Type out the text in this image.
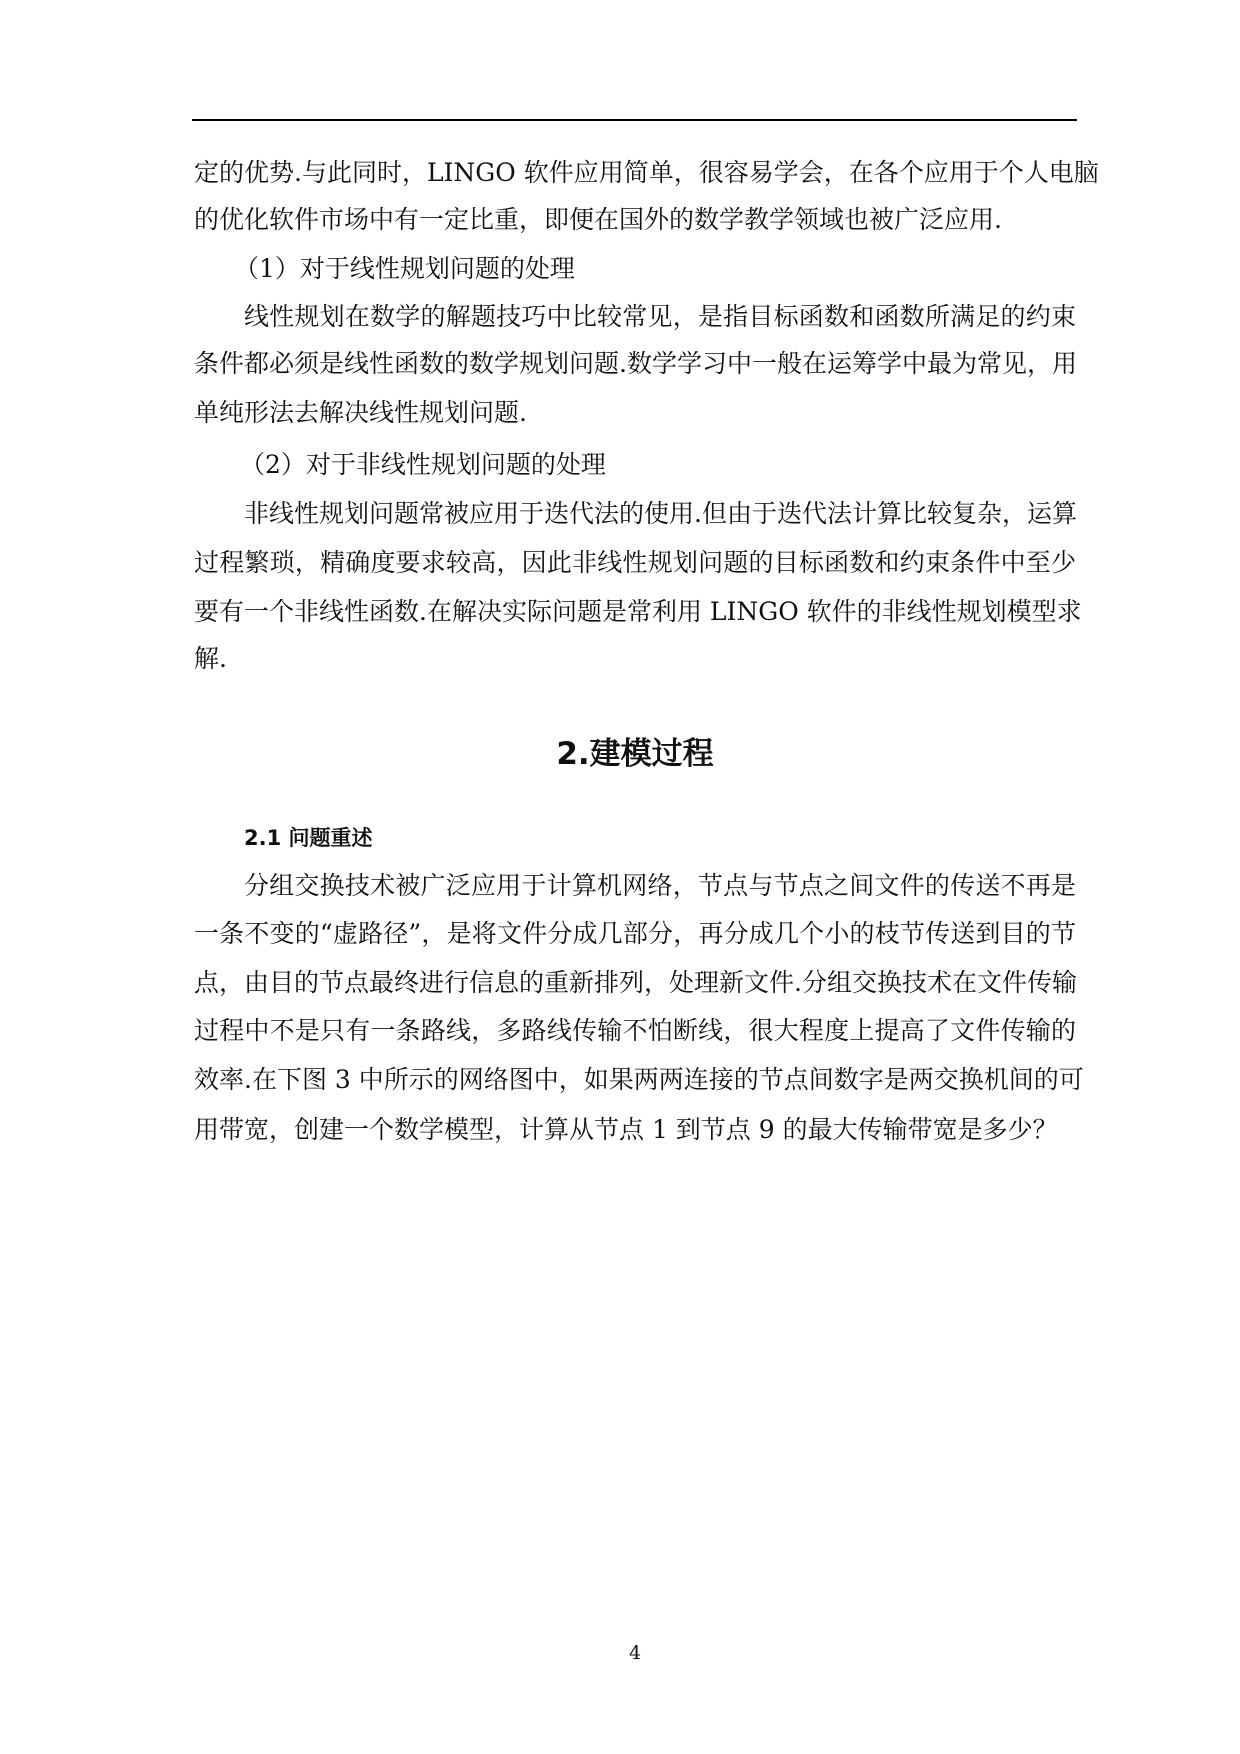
定的优势.与此同时，LINGO 软件应用简单，很容易学会，在各个应用于个人电脑
的优化软件市场中有一定比重，即便在国外的数学教学领域也被广泛应用.
（1）对于线性规划问题的处理
线性规划在数学的解题技巧中比较常见，是指目标函数和函数所满足的约束
条件都必须是线性函数的数学规划问题.数学学习中一般在运筹学中最为常见，用
单纯形法去解决线性规划问题.
（2）对于非线性规划问题的处理
非线性规划问题常被应用于迭代法的使用.但由于迭代法计算比较复杂，运算
过程繁琐，精确度要求较高，因此非线性规划问题的目标函数和约束条件中至少
要有一个非线性函数.在解决实际问题是常利用 LINGO 软件的非线性规划模型求
解.
2.建模过程
2.1 问题重述
分组交换技术被广泛应用于计算机网络，节点与节点之间文件的传送不再是
一条不变的“虚路径”，是将文件分成几部分，再分成几个小的枝节传送到目的节
点，由目的节点最终进行信息的重新排列，处理新文件.分组交换技术在文件传输
过程中不是只有一条路线，多路线传输不怕断线，很大程度上提高了文件传输的
效率.在下图 3 中所示的网络图中，如果两两连接的节点间数字是两交换机间的可
用带宽，创建一个数学模型，计算从节点 1 到节点 9 的最大传输带宽是多少？
4
